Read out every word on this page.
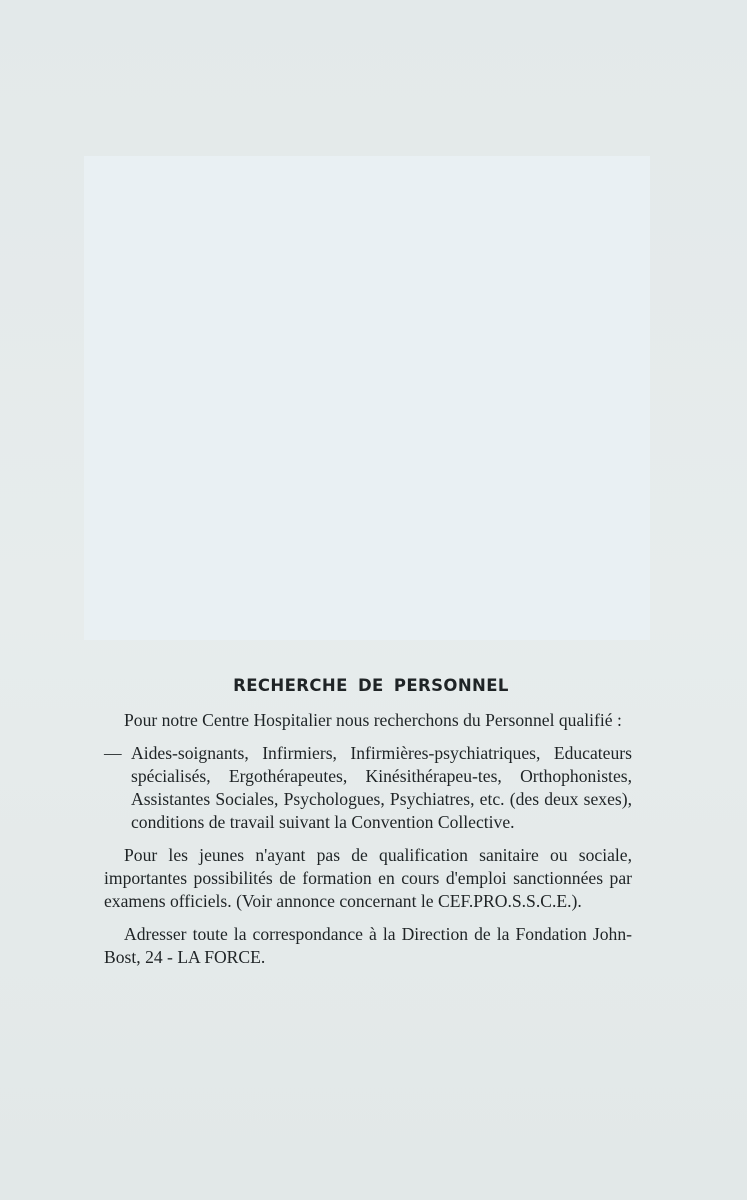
RECHERCHE DE PERSONNEL

Pour notre Centre Hospitalier nous recherchons du Personnel qualifié :

— Aides-soignants, Infirmiers, Infirmières-psychiatriques, Educateurs spécialisés, Ergothérapeutes, Kinésithérapeu-tes, Orthophonistes, Assistantes Sociales, Psychologues, Psychiatres, etc. (des deux sexes), conditions de travail suivant la Convention Collective.

Pour les jeunes n'ayant pas de qualification sanitaire ou sociale, importantes possibilités de formation en cours d'emploi sanctionnées par examens officiels. (Voir annonce concernant le CEF.PRO.S.S.C.E.).

Adresser toute la correspondance à la Direction de la Fondation John-Bost, 24 - LA FORCE.
